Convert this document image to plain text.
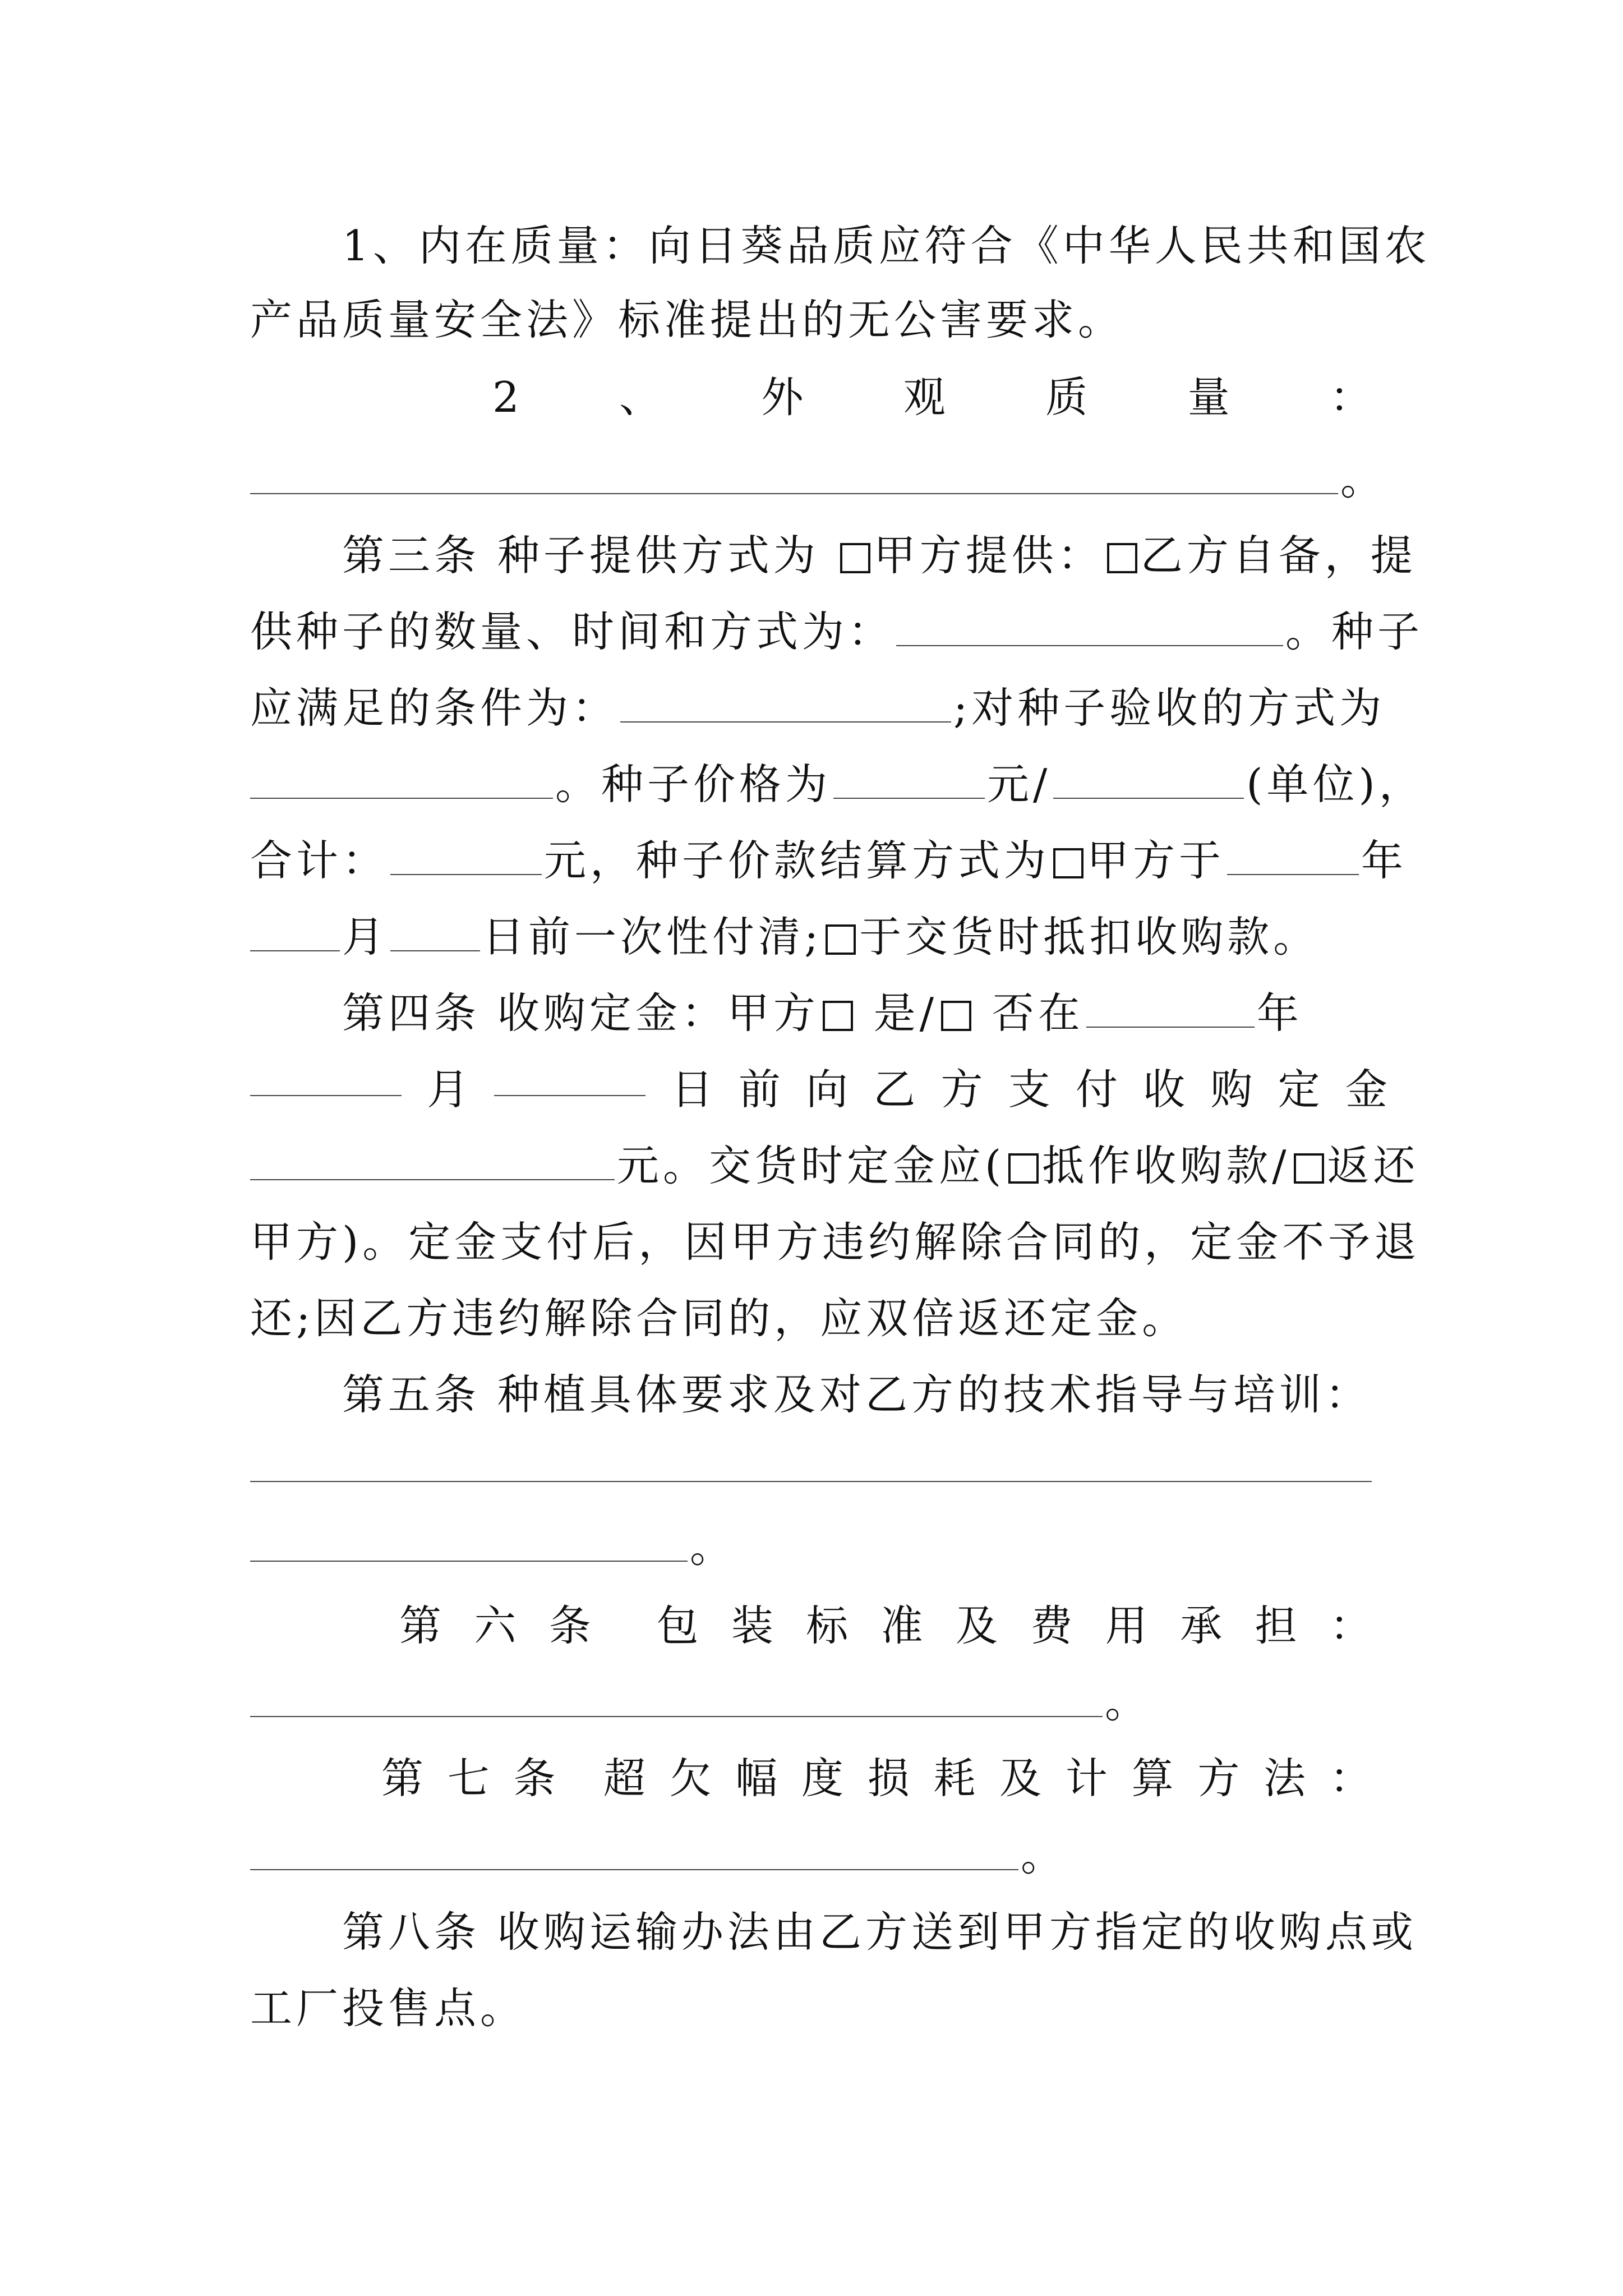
1、内在质量：向日葵品质应符合《中华人民共和国农
产品质量安全法》标准提出的无公害要求。
2 、 外 观 质 量 ：
。
第三条 种子提供方式为 甲方提供： 乙方自备，提
供种子的数量、时间和方式为：	。种子
应满足的条件为：	;对种子验收的方式为
。种子价格为	元/	(单位)，
合计：	元，种子价款结算方式为 甲方于	年
月 日前一次性付清; 于交货时抵扣收购款。
第四条 收购定金：甲方 是/ 否在	年
月	日 前 向 乙 方 支 付 收 购 定 金
元。交货时定金应( 抵作收购款/ 返还
甲方)。定金支付后，因甲方违约解除合同的，定金不予退
还;因乙方违约解除合同的，应双倍返还定金。
第五条 种植具体要求及对乙方的技术指导与培训：
。
第 六 条 包 装 标 准 及 费 用 承 担 ：
。
第 七 条 超 欠 幅 度 损 耗 及 计 算 方 法 ：
。
第八条 收购运输办法由乙方送到甲方指定的收购点或
工厂投售点。
